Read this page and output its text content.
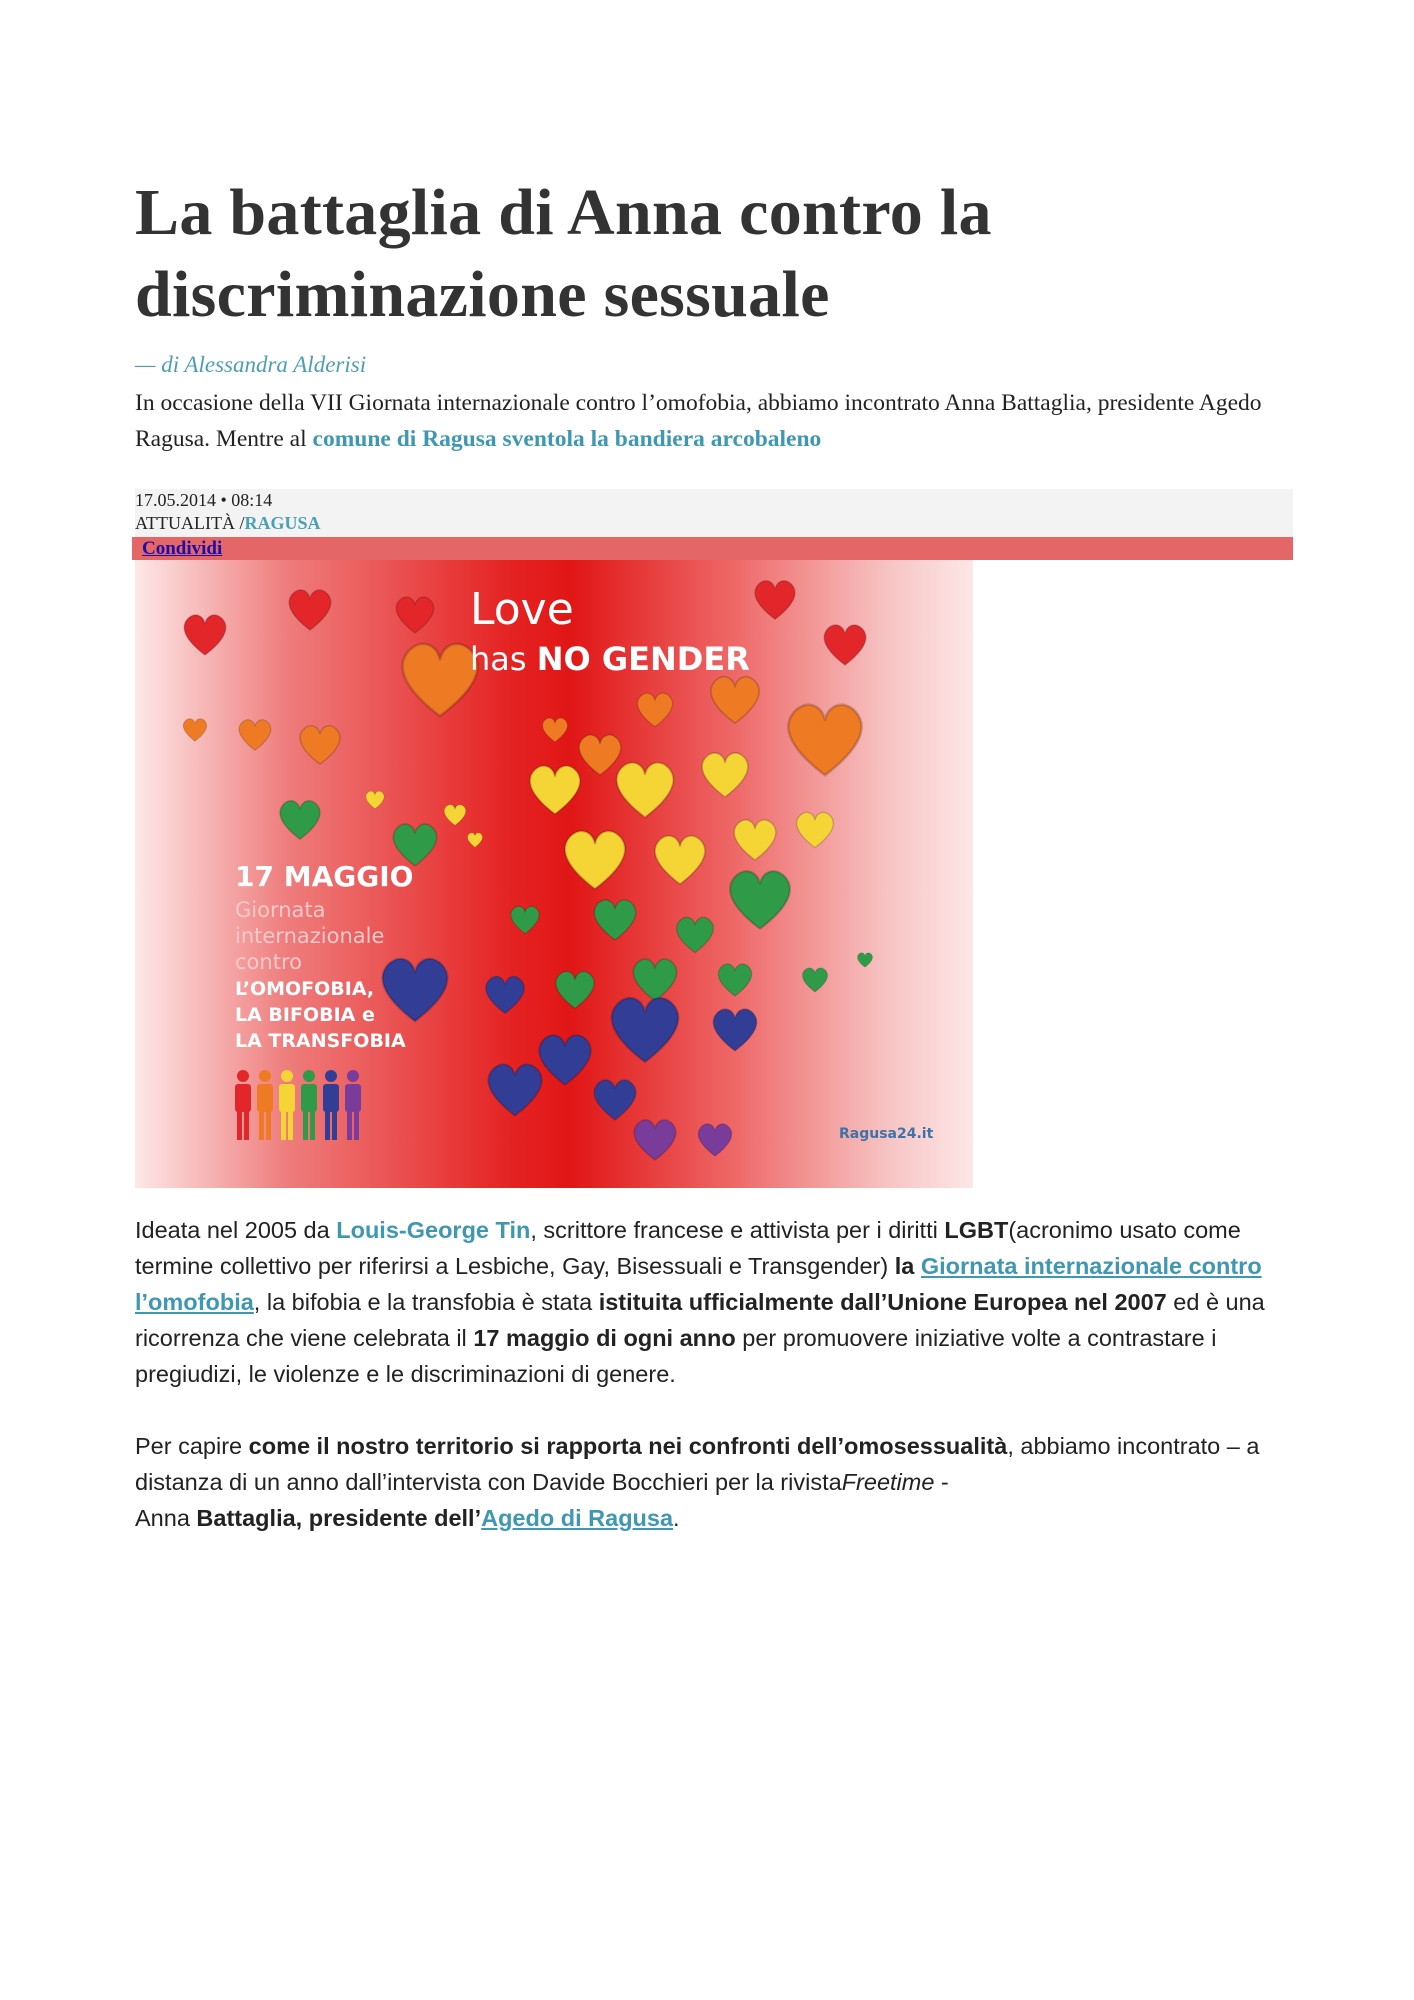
La battaglia di Anna contro la discriminazione sessuale
— di Alessandra Alderisi
In occasione della VII Giornata internazionale contro l’omofobia, abbiamo incontrato Anna Battaglia, presidente Agedo Ragusa. Mentre al comune di Ragusa sventola la bandiera arcobaleno
17.05.2014 • 08:14
ATTUALITÀ /RAGUSA
Condividi
Love
has NO GENDER
17 MAGGIO
Giornata
internazionale
contro
L’OMOFOBIA,
LA BIFOBIA e
LA TRANSFOBIA
Ragusa24.it

Ideata nel 2005 da Louis-George Tin, scrittore francese e attivista per i diritti LGBT(acronimo usato come termine collettivo per riferirsi a Lesbiche, Gay, Bisessuali e Transgender) la Giornata internazionale contro l’omofobia, la bifobia e la transfobia è stata istituita ufficialmente dall’Unione Europea nel 2007 ed è una ricorrenza che viene celebrata il 17 maggio di ogni anno per promuovere iniziative volte a contrastare i pregiudizi, le violenze e le discriminazioni di genere.

Per capire come il nostro territorio si rapporta nei confronti dell’omosessualità, abbiamo incontrato – a distanza di un anno dall’intervista con Davide Bocchieri per la rivistaFreetime -
Anna Battaglia, presidente dell’Agedo di Ragusa.
